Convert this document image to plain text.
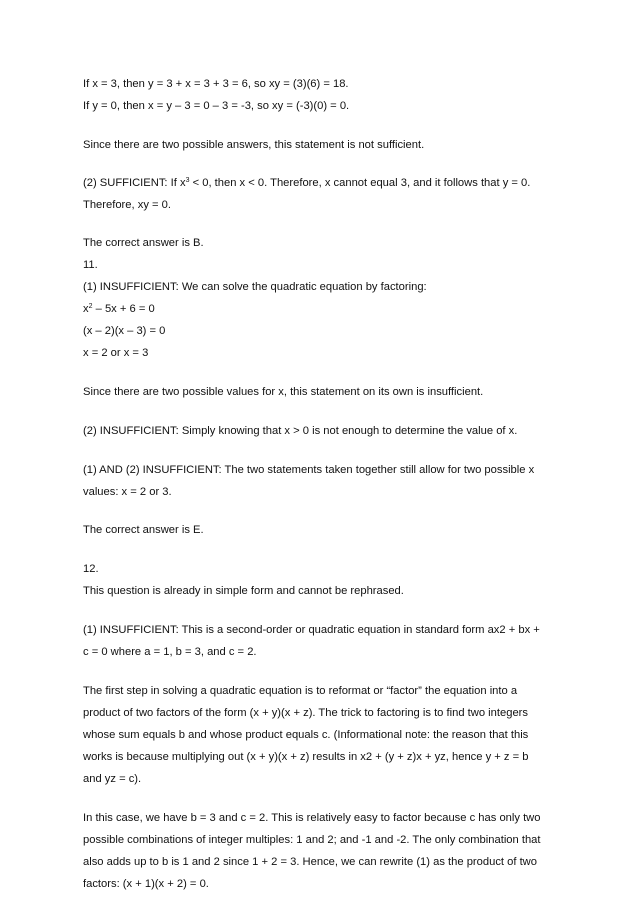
If x = 3, then y = 3 + x = 3 + 3 = 6, so xy = (3)(6) = 18.
If y = 0, then x = y – 3 = 0 – 3 = -3, so xy = (-3)(0) = 0.
Since there are two possible answers, this statement is not sufficient.
(2) SUFFICIENT: If $x^3 < 0$, then x < 0. Therefore, x cannot equal 3, and it follows that y = 0.
Therefore, xy = 0.
The correct answer is B.
11.
(1) INSUFFICIENT: We can solve the quadratic equation by factoring:
$x^2 - 5x + 6 = 0$
(x – 2)(x – 3) = 0
x = 2 or x = 3
Since there are two possible values for x, this statement on its own is insufficient.
(2) INSUFFICIENT: Simply knowing that x > 0 is not enough to determine the value of x.
(1) AND (2) INSUFFICIENT: The two statements taken together still allow for two possible x
values: x = 2 or 3.
The correct answer is E.
12.
This question is already in simple form and cannot be rephrased.
(1) INSUFFICIENT: This is a second-order or quadratic equation in standard form ax2 + bx +
c = 0 where a = 1, b = 3, and c = 2.
The first step in solving a quadratic equation is to reformat or “factor” the equation into a
product of two factors of the form (x + y)(x + z). The trick to factoring is to find two integers
whose sum equals b and whose product equals c. (Informational note: the reason that this
works is because multiplying out (x + y)(x + z) results in x2 + (y + z)x + yz, hence y + z = b
and yz = c).
In this case, we have b = 3 and c = 2. This is relatively easy to factor because c has only two
possible combinations of integer multiples: 1 and 2; and -1 and -2. The only combination that
also adds up to b is 1 and 2 since 1 + 2 = 3. Hence, we can rewrite (1) as the product of two
factors: (x + 1)(x + 2) = 0.
